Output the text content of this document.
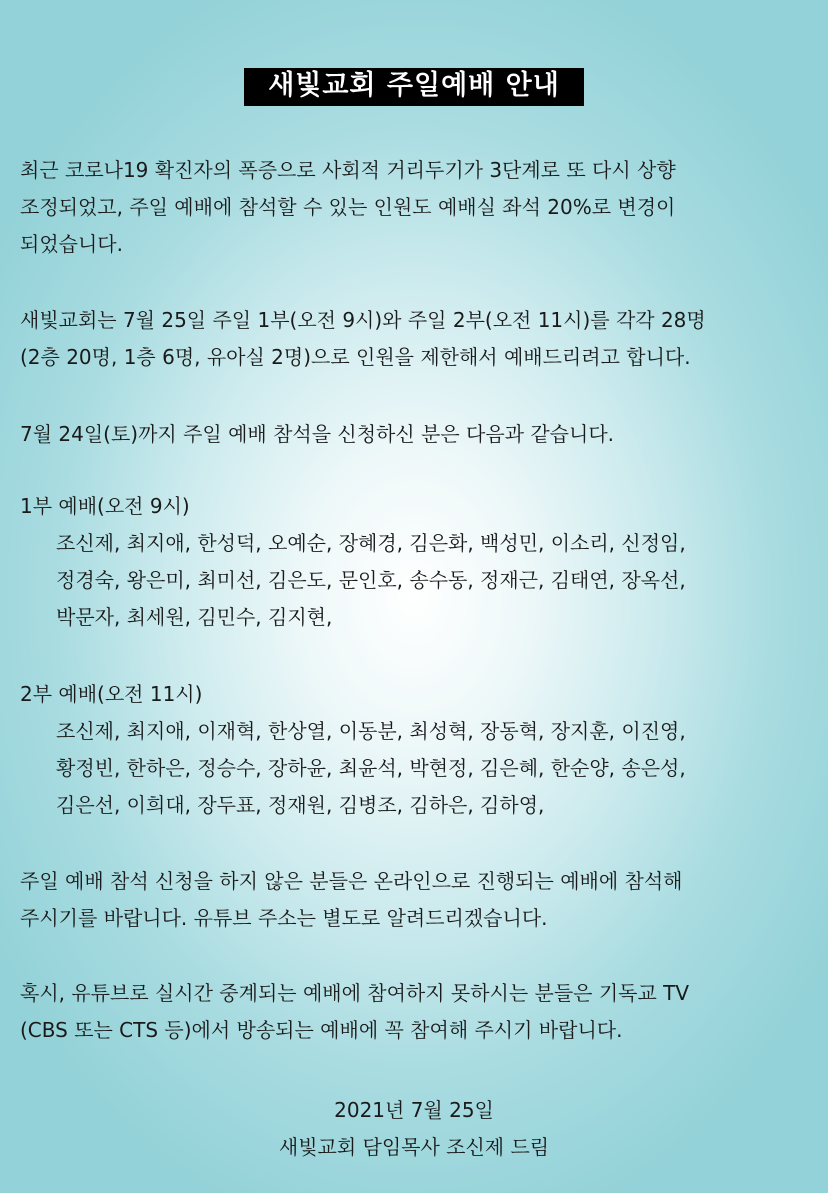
새빛교회 주일예배 안내

최근 코로나19 확진자의 폭증으로 사회적 거리두기가 3단계로 또 다시 상향
조정되었고, 주일 예배에 참석할 수 있는 인원도 예배실 좌석 20%로 변경이
되었습니다.

새빛교회는 7월 25일 주일 1부(오전 9시)와 주일 2부(오전 11시)를 각각 28명
(2층 20명, 1층 6명, 유아실 2명)으로 인원을 제한해서 예배드리려고 합니다.

7월 24일(토)까지 주일 예배 참석을 신청하신 분은 다음과 같습니다.

1부 예배(오전 9시)
조신제, 최지애, 한성덕, 오예순, 장혜경, 김은화, 백성민, 이소리, 신정임,
정경숙, 왕은미, 최미선, 김은도, 문인호, 송수동, 정재근, 김태연, 장옥선,
박문자, 최세원, 김민수, 김지현,
2부 예배(오전 11시)
조신제, 최지애, 이재혁, 한상열, 이동분, 최성혁, 장동혁, 장지훈, 이진영,
황정빈, 한하은, 정승수, 장하윤, 최윤석, 박현정, 김은혜, 한순양, 송은성,
김은선, 이희대, 장두표, 정재원, 김병조, 김하은, 김하영,

주일 예배 참석 신청을 하지 않은 분들은 온라인으로 진행되는 예배에 참석해
주시기를 바랍니다. 유튜브 주소는 별도로 알려드리겠습니다.

혹시, 유튜브로 실시간 중계되는 예배에 참여하지 못하시는 분들은 기독교 TV
(CBS 또는 CTS 등)에서 방송되는 예배에 꼭 참여해 주시기 바랍니다.

2021년 7월 25일
새빛교회 담임목사 조신제 드림
